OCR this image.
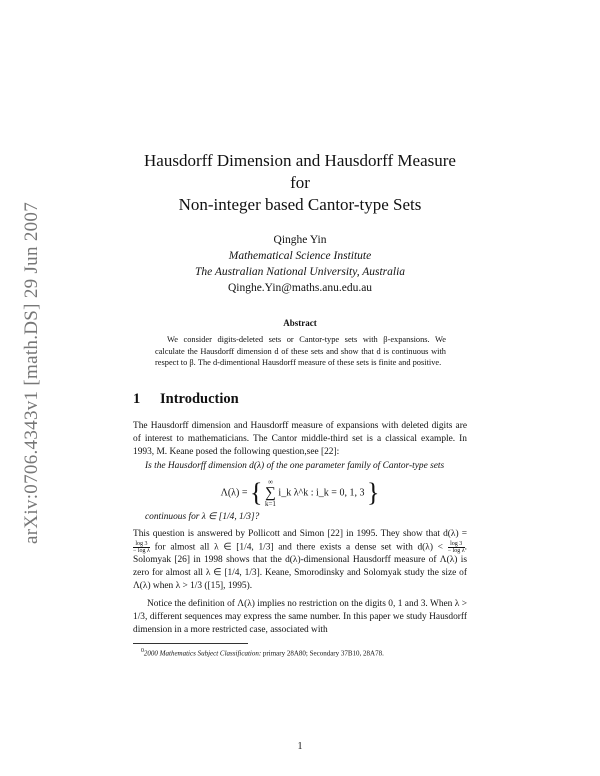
arXiv:0706.4343v1 [math.DS] 29 Jun 2007
Hausdorff Dimension and Hausdorff Measure for
Non-integer based Cantor-type Sets
Qinghe Yin
Mathematical Science Institute
The Australian National University, Australia
Qinghe.Yin@maths.anu.edu.au
Abstract
We consider digits-deleted sets or Cantor-type sets with β-expansions. We calculate the Hausdorff dimension d of these sets and show that d is continuous with respect to β. The d-dimentional Hausdorff measure of these sets is finite and positive.
1 Introduction
The Hausdorff dimension and Hausdorff measure of expansions with deleted digits are of interest to mathematicians. The Cantor middle-third set is a classical example. In 1993, M. Keane posed the following question,see [22]:
Is the Hausdorff dimension d(λ) of the one parameter family of Cantor-type sets
Λ(λ) = { ∞
∑
k=1
i_k λ^k : i_k = 0, 1, 3 }
continuous for λ ∈ [1/4, 1/3]?
This question is answered by Pollicott and Simon [22] in 1995. They show that d(λ) =
$\frac{\log 3}{\text{− log λ}}$ for almost all λ ∈ [1/4, 1/3] and there exists a dense set with $d(\lambda) < \frac{\log 3}{\text{− log λ}}$. Solomyak [26] in 1998 shows that the d(λ)-dimensional Hausdorff measure of Λ(λ) is zero for almost all λ ∈ [1/4, 1/3]. Keane, Smorodinsky and Solomyak study the size of Λ(λ) when λ > 1/3 ([15], 1995).
Notice the definition of Λ(λ) implies no restriction on the digits 0, 1 and 3. When λ > 1/3, different sequences may express the same number. In this paper we study Hausdorff dimension in a more restricted case, associated with
$^0$2000 Mathematics Subject Classification: primary 28A80; Secondary 37B10, 28A78.
1
